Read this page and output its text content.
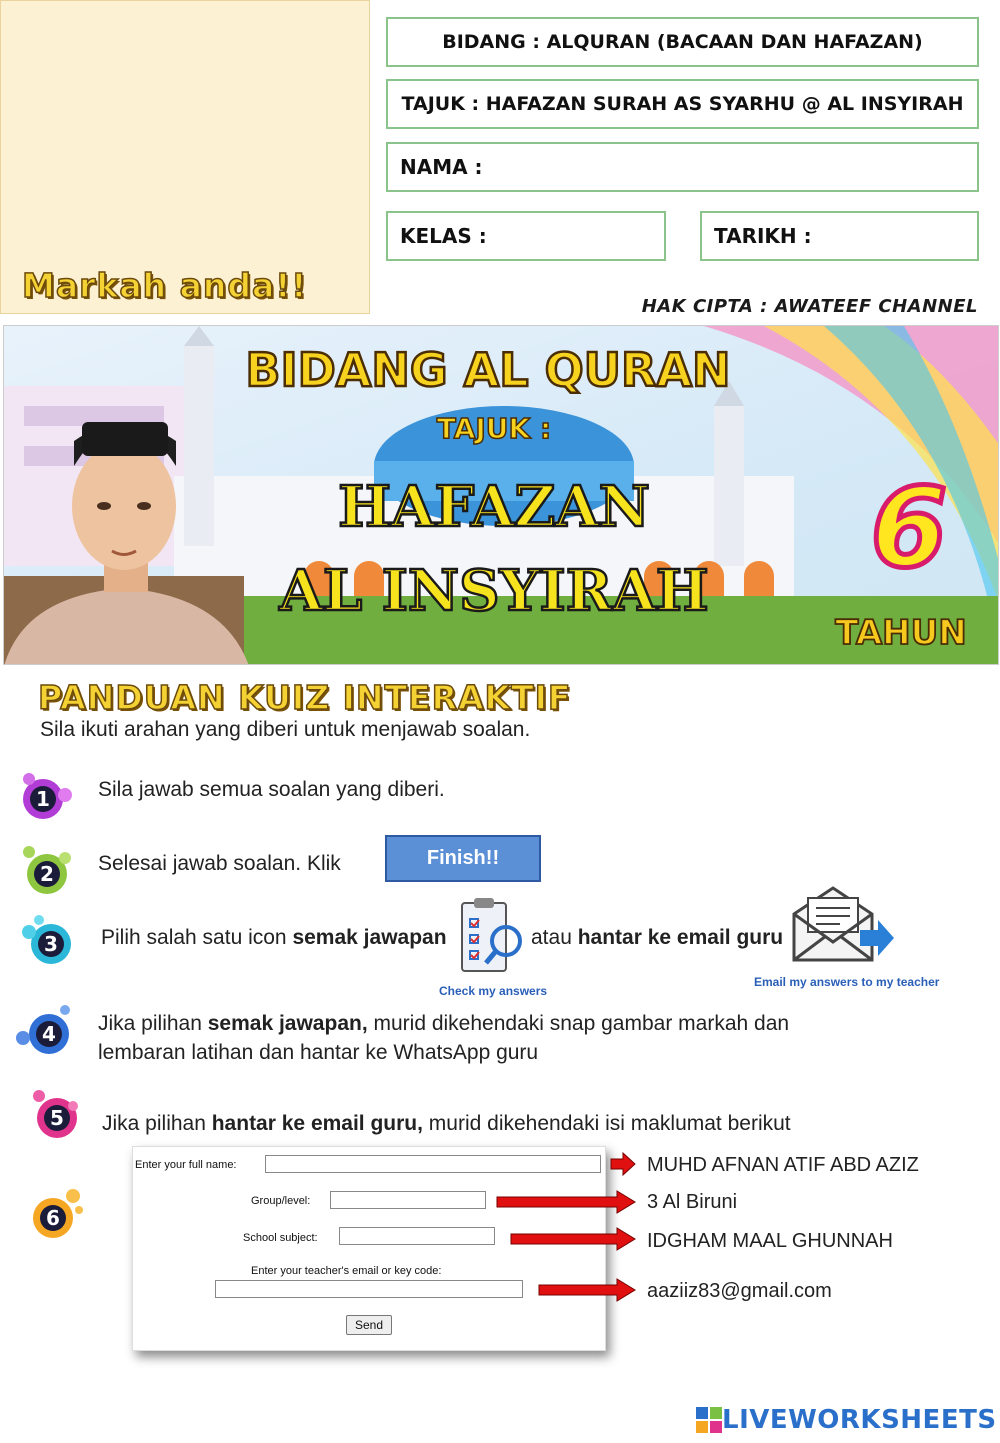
Markah anda!!
BIDANG : ALQURAN (BACAAN DAN HAFAZAN)
TAJUK : HAFAZAN SURAH AS SYARHU @ AL INSYIRAH
NAMA :
KELAS :	TARIKH :
HAK CIPTA : AWATEEF CHANNEL
BIDANG AL QURAN
TAJUK :
HAFAZAN
AL INSYIRAH 6
TAHUN
PANDUAN KUIZ INTERAKTIF
Sila ikuti arahan yang diberi untuk menjawab soalan.
1 Sila jawab semua soalan yang diberi.
2 Selesai jawab soalan. Klik	Finish!!
3 Pilih salah satu icon semak jawapan	atau hantar ke email guru
Check my answers
Email my answers to my teacher
4 Jika pilihan semak jawapan, murid dikehendaki snap gambar markah dan
lembaran latihan dan hantar ke WhatsApp guru
5 Jika pilihan hantar ke email guru, murid dikehendaki isi maklumat berikut
6
Enter your full name:
Group/level:
School subject:
Enter your teacher's email or key code:
Send
MUHD AFNAN ATIF ABD AZIZ
3 Al Biruni
IDGHAM MAAL GHUNNAH
aaziiz83@gmail.com
LIVEWORKSHEETS
